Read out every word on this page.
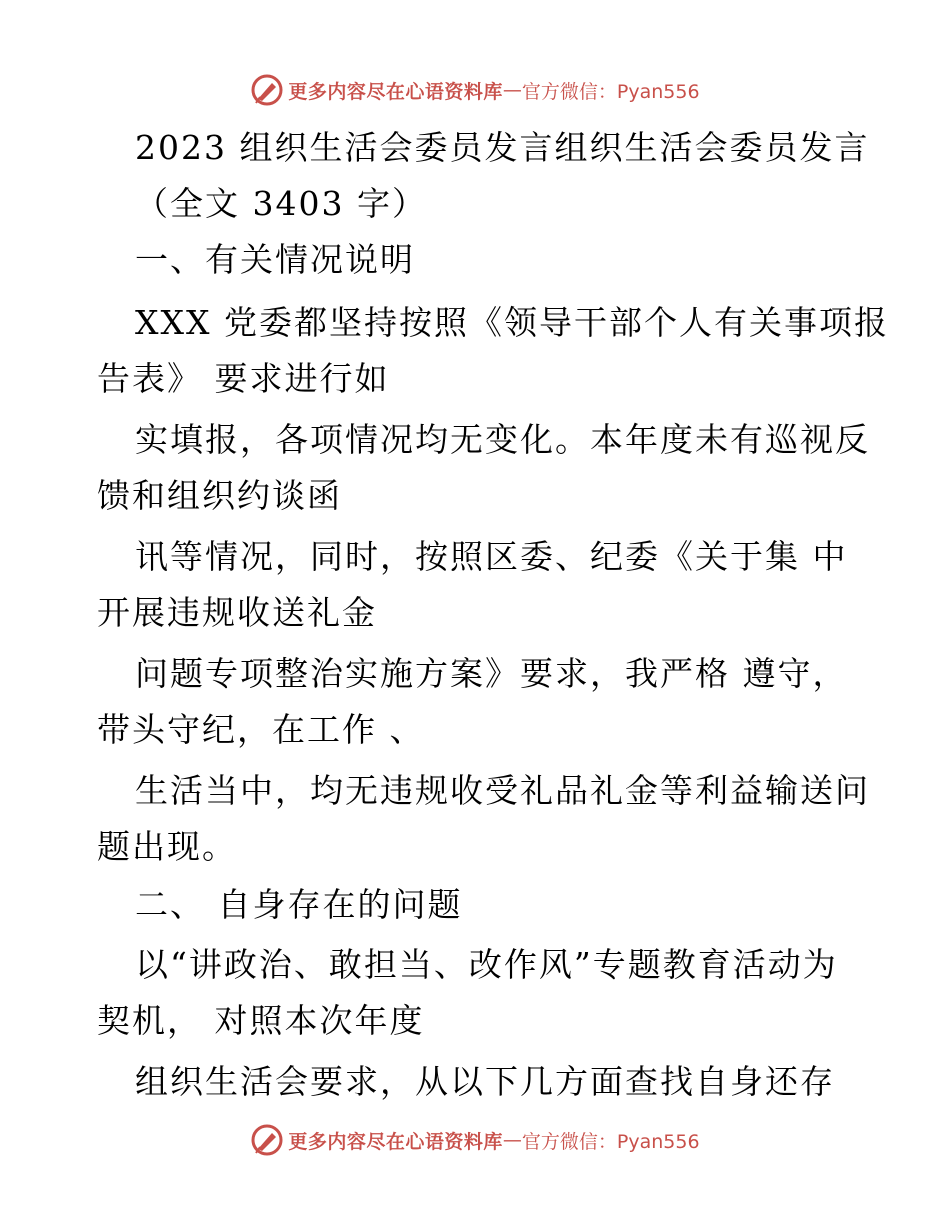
更多内容尽在心语资料库 — 官方微信：Pyan556
2023 组织生活会委员发言组织生活会委员发言
（全文 3403 字）
一、有关情况说明
XXX 党委都坚持按照《领导干部个人有关事项报
告表》 要求进行如
实填报，各项情况均无变化。本年度未有巡视反
馈和组织约谈函
讯等情况，同时，按照区委、纪委《关于集 中
开展违规收送礼金
问题专项整治实施方案》要求，我严格 遵守，
带头守纪，在工作 、
生活当中，均无违规收受礼品礼金等利益输送问
题出现。
二、 自身存在的问题
以“讲政治、敢担当、改作风”专题教育活动为
契机， 对照本次年度
组织生活会要求，从以下几方面查找自身还存
更多内容尽在心语资料库 — 官方微信：Pyan556
